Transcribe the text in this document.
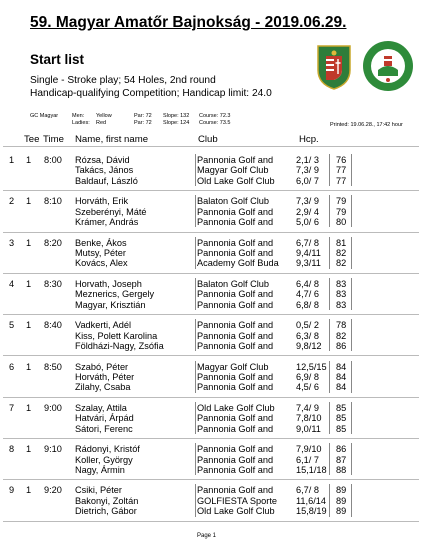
59. Magyar Amatőr Bajnokság - 2019.06.29.
Start list
Single - Stroke play; 54 Holes, 2nd round
Handicap-qualifying Competition; Handicap limit: 24.0
GC Magyar	Men: Yellow	Par: 72 Slope: 132 Course: 72.3
Ladies: Red	Par: 72 Slope: 124 Course: 73.5	Printed: 19.06.28., 17:42 hour
Tee Time Name, first name	Club	Hcp.
1 1 8:00 Rózsa, Dávid	Pannonia Golf and 2,1/ 3 76
Takács, János	Magyar Golf Club	7,3/ 9 77
Baldauf, László	Old Lake Golf Club 6,0/ 7 77
2 1 8:10 Horváth, Erik	Balaton Golf Club	7,3/ 9 79
Szeberényi, Máté	Pannonia Golf and 2,9/ 4 79
Krámer, András	Pannonia Golf and 5,0/ 6 80
3 1 8:20 Benke, Ákos	Pannonia Golf and 6,7/ 8 81
Mutsy, Péter	Pannonia Golf and 9,4/11 82
Kovács, Alex	Academy Golf Buda 9,3/11 82
4 1 8:30 Horvath, Joseph	Balaton Golf Club	6,4/ 8 83
Meznerics, Gergely	Pannonia Golf and 4,7/ 6 83
Magyar, Krisztián	Pannonia Golf and 6,8/ 8 83
5 1 8:40 Vadkerti, Adél	Pannonia Golf and 0,5/ 2 78
Kiss, Polett Karolina	Pannonia Golf and 6,3/ 8 82
Földházi-Nagy, Zsófia	Pannonia Golf and 9,8/12 86
6 1 8:50 Szabó, Péter	Magyar Golf Club	12,5/15 84
Horváth, Péter	Pannonia Golf and 6,9/ 8 84
Zilahy, Csaba	Pannonia Golf and 4,5/ 6 84
7 1 9:00 Szalay, Attila	Old Lake Golf Club 7,4/ 9 85
Hatvári, Árpád	Pannonia Golf and 7,8/10 85
Sátori, Ferenc	Pannonia Golf and 9,0/11 85
8 1 9:10 Rádonyi, Kristóf	Pannonia Golf and 7,9/10 86
Koller, György	Pannonia Golf and 6,1/ 7 87
Nagy, Ármin	Pannonia Golf and 15,1/18 88
9 1 9:20 Csiki, Péter	Pannonia Golf and 6,7/ 8 89
Bakonyi, Zoltán	GOLFIESTA Sporte 11,6/14 89
Dietrich, Gábor	Old Lake Golf Club 15,8/19 89
Page 1
